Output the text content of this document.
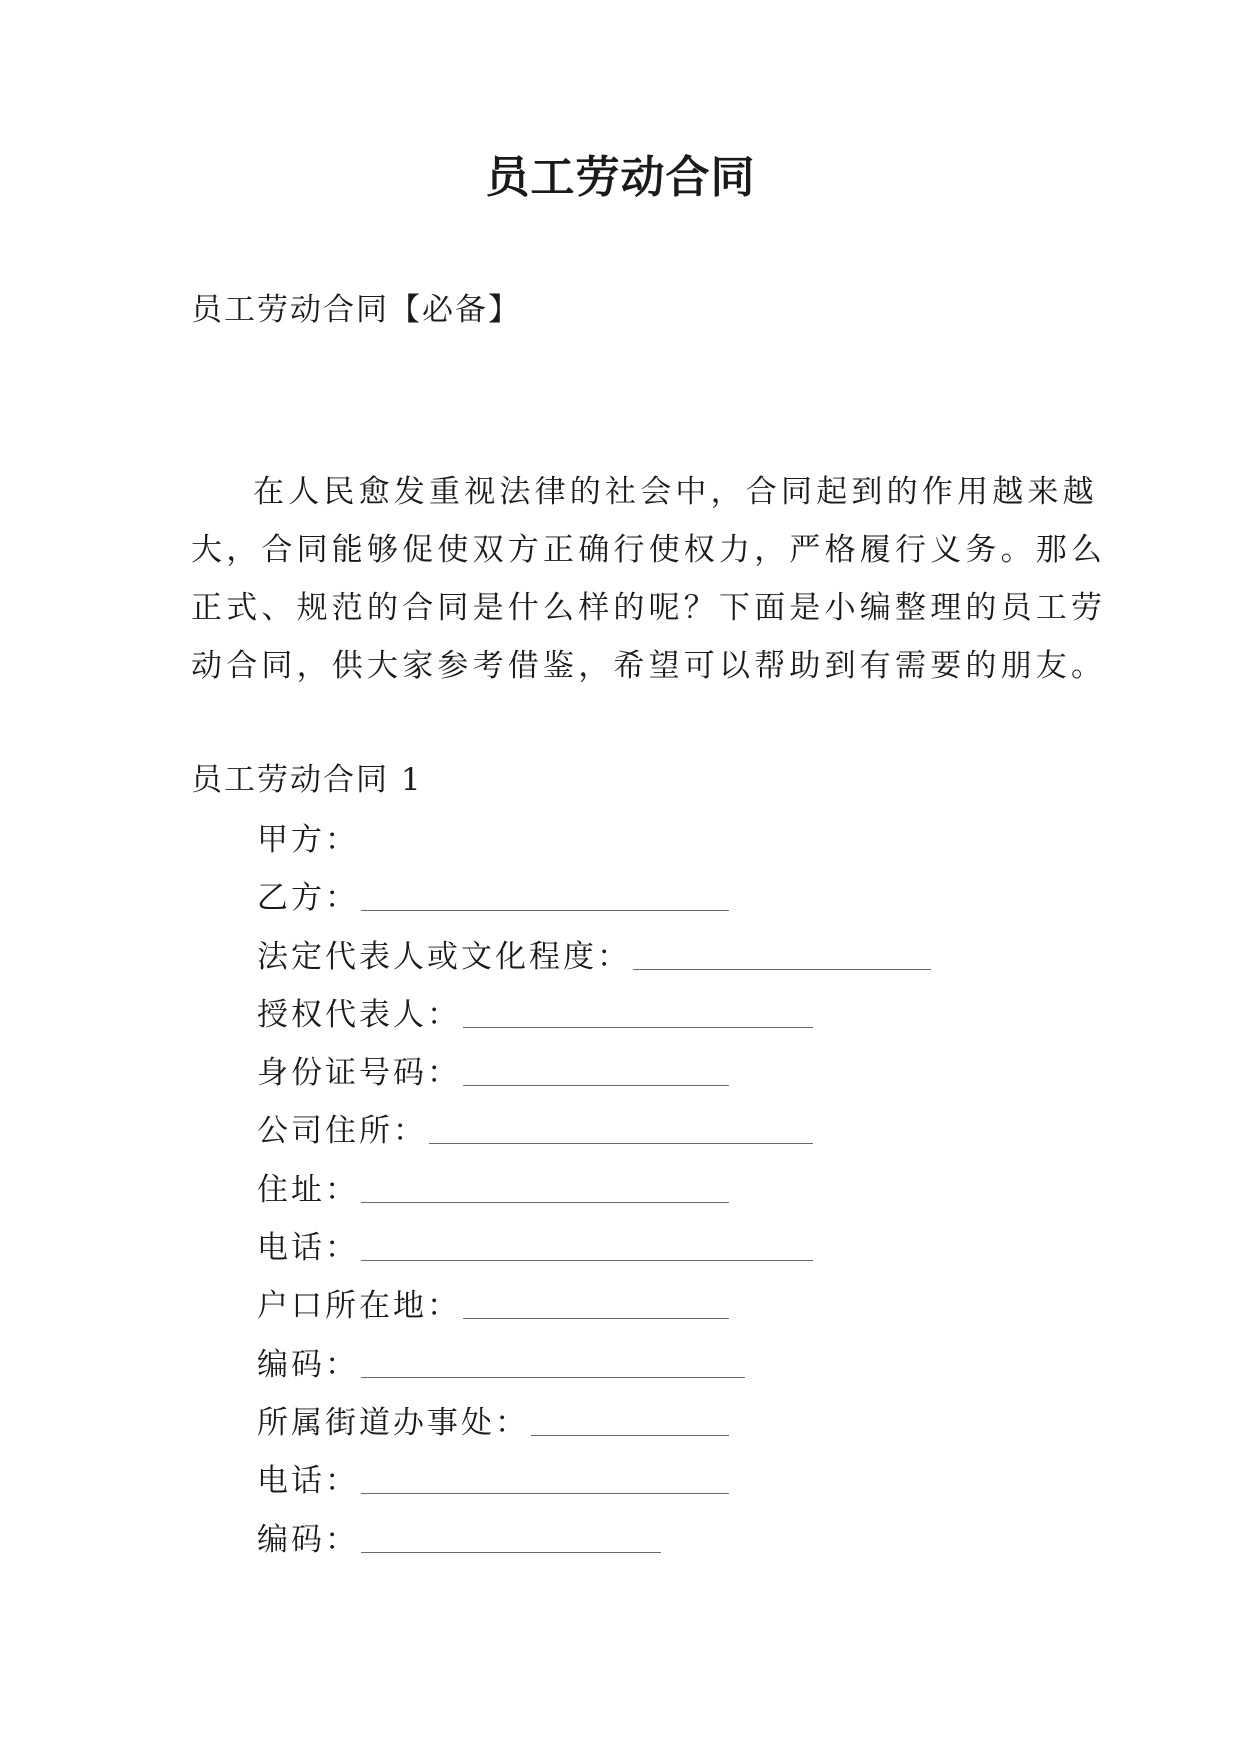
员工劳动合同

员工劳动合同【必备】

在人民愈发重视法律的社会中，合同起到的作用越来越
大，合同能够促使双方正确行使权力，严格履行义务。那么
正式、规范的合同是什么样的呢？下面是小编整理的员工劳
动合同，供大家参考借鉴，希望可以帮助到有需要的朋友。

员工劳动合同 1

甲方：
乙方：
法定代表人或文化程度：
授权代表人：
身份证号码：
公司住所：
住址：
电话：
户口所在地：
编码：
所属街道办事处：
电话：
编码：
